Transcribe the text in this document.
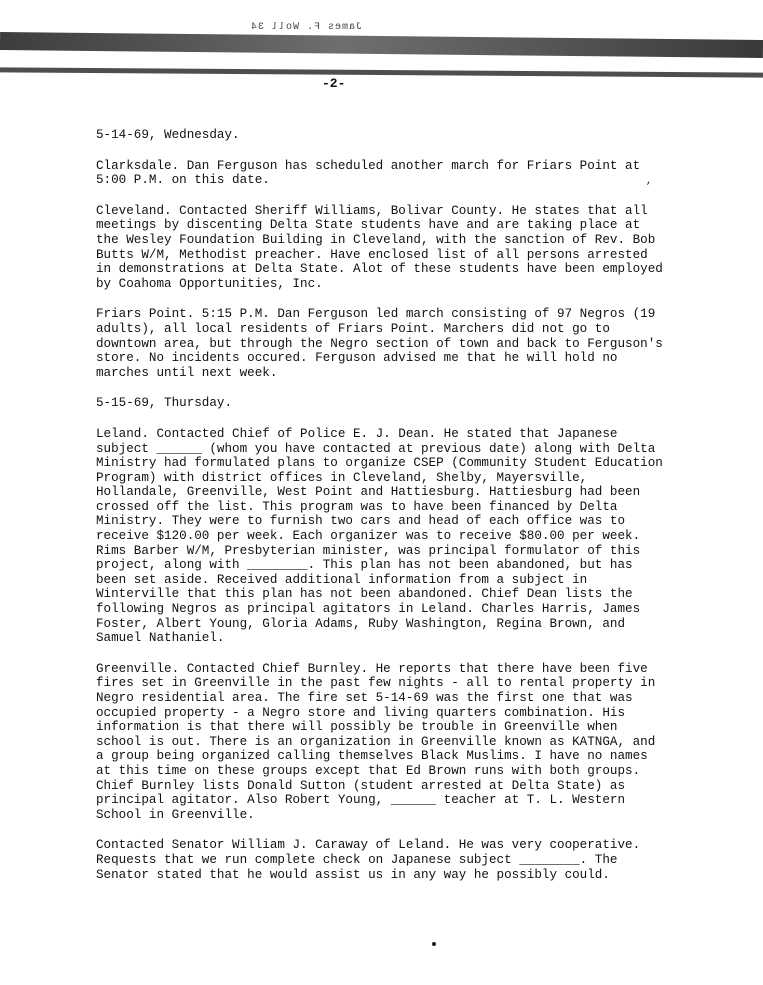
James F. Woll 34
-2-
,

5-14-69, Wednesday.

Clarksdale. Dan Ferguson has scheduled another march for Friars Point at 5:00 P.M. on this date.

Cleveland. Contacted Sheriff Williams, Bolivar County. He states that all meetings by discenting Delta State students have and are taking place at the Wesley Foundation Building in Cleveland, with the sanction of Rev. Bob Butts W/M, Methodist preacher. Have enclosed list of all persons arrested in demonstrations at Delta State. Alot of these students have been employed by Coahoma Opportunities, Inc.

Friars Point. 5:15 P.M. Dan Ferguson led march consisting of 97 Negros (19 adults), all local residents of Friars Point. Marchers did not go to downtown area, but through the Negro section of town and back to Ferguson's store. No incidents occured. Ferguson advised me that he will hold no marches until next week.

5-15-69, Thursday.

Leland. Contacted Chief of Police E. J. Dean. He stated that Japanese subject ______ (whom you have contacted at previous date) along with Delta Ministry had formulated plans to organize CSEP (Community Student Education Program) with district offices in Cleveland, Shelby, Mayersville, Hollandale, Greenville, West Point and Hattiesburg. Hattiesburg had been crossed off the list. This program was to have been financed by Delta Ministry. They were to furnish two cars and head of each office was to receive $120.00 per week. Each organizer was to receive $80.00 per week. Rims Barber W/M, Presbyterian minister, was principal formulator of this project, along with ________. This plan has not been abandoned, but has been set aside. Received additional information from a subject in Winterville that this plan has not been abandoned. Chief Dean lists the following Negros as principal agitators in Leland. Charles Harris, James Foster, Albert Young, Gloria Adams, Ruby Washington, Regina Brown, and Samuel Nathaniel.

Greenville. Contacted Chief Burnley. He reports that there have been five fires set in Greenville in the past few nights - all to rental property in Negro residential area. The fire set 5-14-69 was the first one that was occupied property - a Negro store and living quarters combination. His information is that there will possibly be trouble in Greenville when school is out. There is an organization in Greenville known as KATNGA, and a group being organized calling themselves Black Muslims. I have no names at this time on these groups except that Ed Brown runs with both groups. Chief Burnley lists Donald Sutton (student arrested at Delta State) as principal agitator. Also Robert Young, ______ teacher at T. L. Western School in Greenville.

Contacted Senator William J. Caraway of Leland. He was very cooperative. Requests that we run complete check on Japanese subject ________. The Senator stated that he would assist us in any way he possibly could.
